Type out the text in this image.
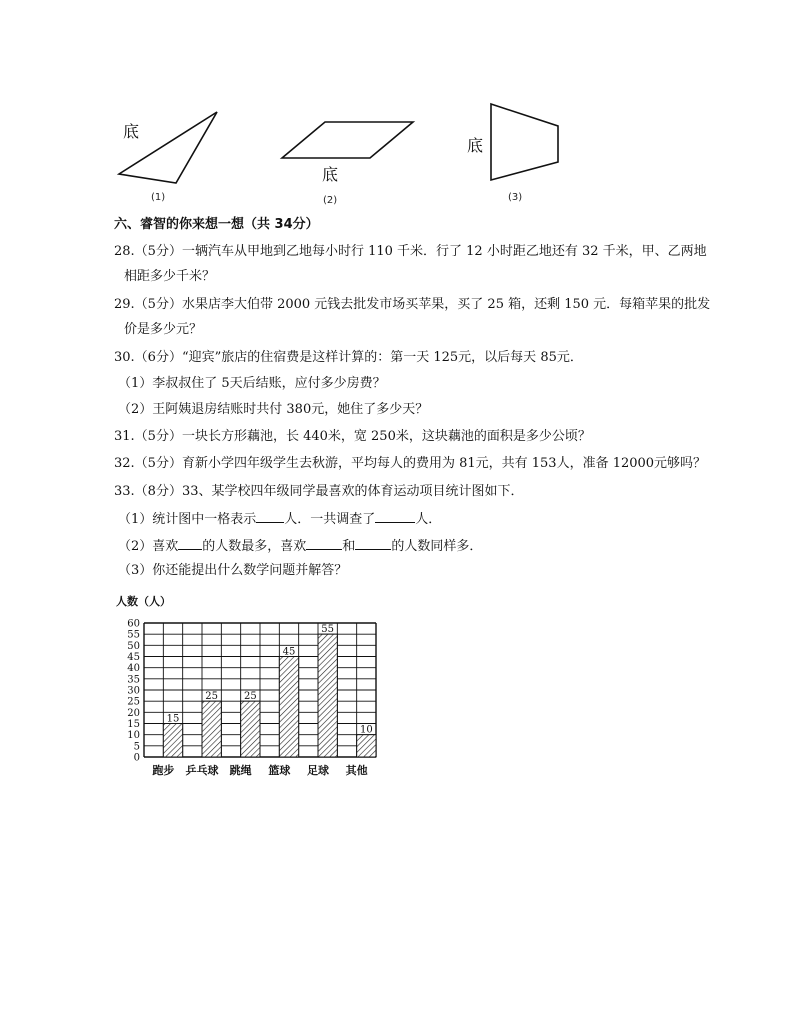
底
(1)
底
(2)
底
(3)
六、睿智的你来想一想（共 34分）
28.（5分）一辆汽车从甲地到乙地每小时行 110 千米．行了 12 小时距乙地还有 32 千米，甲、乙两地
相距多少千米？
29.（5分）水果店李大伯带 2000 元钱去批发市场买苹果，买了 25 箱，还剩 150 元．每箱苹果的批发
价是多少元？
30.（6分）“迎宾”旅店的住宿费是这样计算的：第一天 125元，以后每天 85元．
（1）李叔叔住了 5天后结账，应付多少房费？
（2）王阿姨退房结账时共付 380元，她住了多少天？
31.（5分）一块长方形藕池，长 440米，宽 250米，这块藕池的面积是多少公顷？
32.（5分）育新小学四年级学生去秋游，平均每人的费用为 81元，共有 153人，准备 12000元够吗？
33.（8分）33、某学校四年级同学最喜欢的体育运动项目统计图如下．
（1）统计图中一格表示 人．一共调查了	人．
（2）喜欢 的人数最多，喜欢	和	的人数同样多．
（3）你还能提出什么数学问题并解答？
人数（人）
15
25	25
45
55
10
0
5
10
15
20
25
30
35
40
45
50
55
60
跑步 乒乓球 跳绳 篮球 足球 其他
